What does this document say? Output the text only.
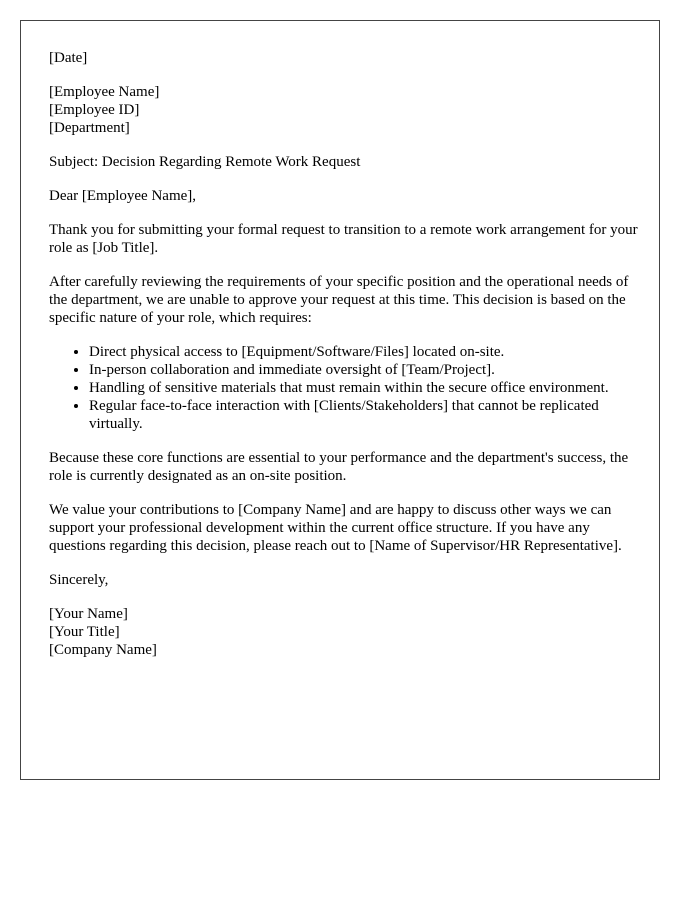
[Date]
[Employee Name]
[Employee ID]
[Department]

Subject: Decision Regarding Remote Work Request

Dear [Employee Name],

Thank you for submitting your formal request to transition to a remote work arrangement for your role as [Job Title].

After carefully reviewing the requirements of your specific position and the operational needs of the department, we are unable to approve your request at this time. This decision is based on the specific nature of your role, which requires:

• Direct physical access to [Equipment/Software/Files] located on-site.
• In-person collaboration and immediate oversight of [Team/Project].
• Handling of sensitive materials that must remain within the secure office environment.
• Regular face-to-face interaction with [Clients/Stakeholders] that cannot be replicated virtually.

Because these core functions are essential to your performance and the department's success, the role is currently designated as an on-site position.

We value your contributions to [Company Name] and are happy to discuss other ways we can support your professional development within the current office structure. If you have any questions regarding this decision, please reach out to [Name of Supervisor/HR Representative].

Sincerely,

[Your Name]
[Your Title]
[Company Name]
